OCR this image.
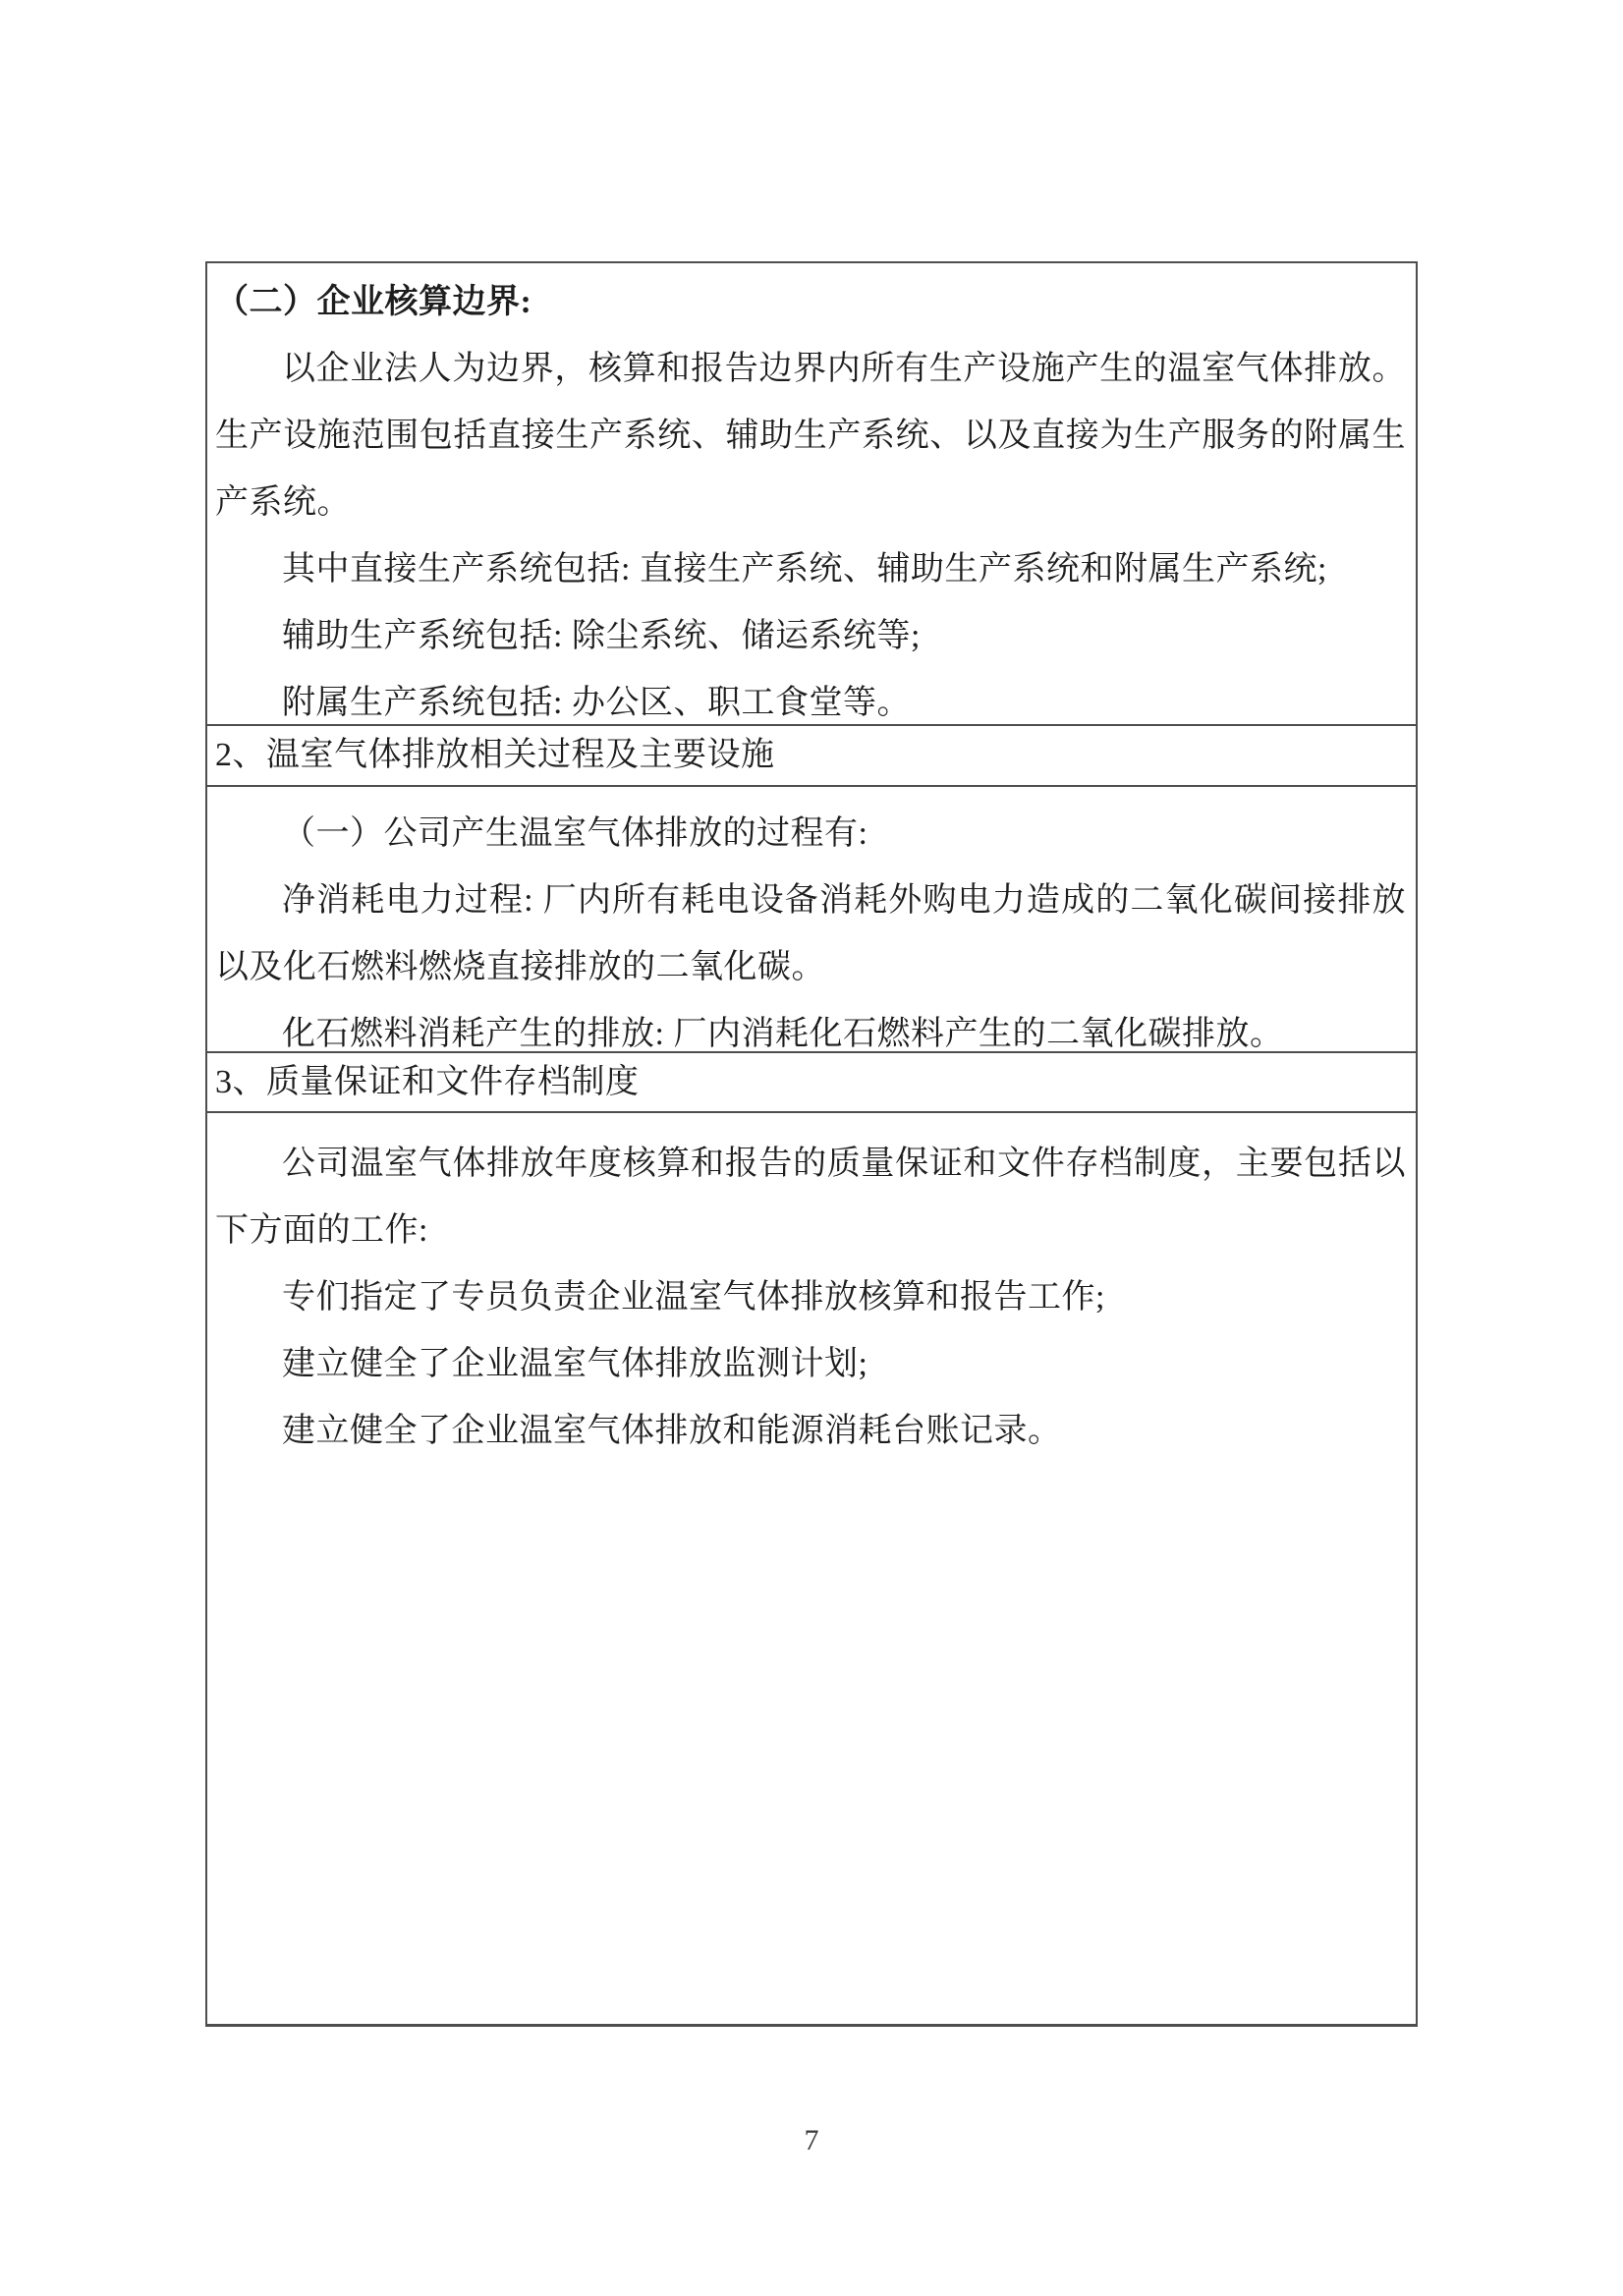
（二）企业核算边界:

以企业法人为边界，核算和报告边界内所有生产设施产生的温室气体排放。生产设施范围包括直接生产系统、辅助生产系统、以及直接为生产服务的附属生产系统。

其中直接生产系统包括: 直接生产系统、辅助生产系统和附属生产系统;

辅助生产系统包括: 除尘系统、储运系统等;

附属生产系统包括: 办公区、职工食堂等。

2、温室气体排放相关过程及主要设施

（一）公司产生温室气体排放的过程有:

净消耗电力过程: 厂内所有耗电设备消耗外购电力造成的二氧化碳间接排放以及化石燃料燃烧直接排放的二氧化碳。

化石燃料消耗产生的排放: 厂内消耗化石燃料产生的二氧化碳排放。

3、质量保证和文件存档制度

公司温室气体排放年度核算和报告的质量保证和文件存档制度，主要包括以下方面的工作:

专们指定了专员负责企业温室气体排放核算和报告工作;

建立健全了企业温室气体排放监测计划;

建立健全了企业温室气体排放和能源消耗台账记录。

7
